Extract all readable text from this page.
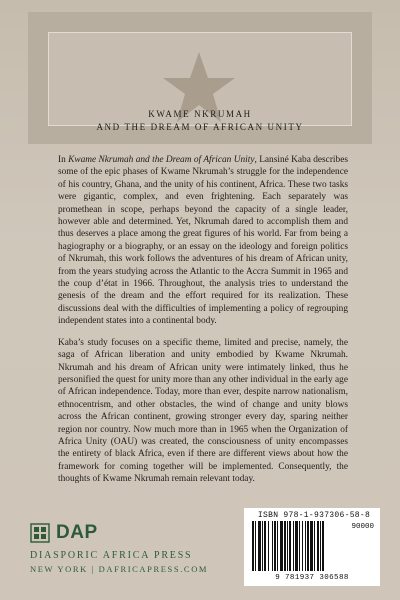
KWAME NKRUMAH
AND THE DREAM OF AFRICAN UNITY

In Kwame Nkrumah and the Dream of African Unity, Lansiné Kaba describes some of the epic phases of Kwame Nkrumah’s struggle for the independence of his country, Ghana, and the unity of his continent, Africa. These two tasks were gigantic, complex, and even frightening. Each separately was promethean in scope, perhaps beyond the capacity of a single leader, however able and determined. Yet, Nkrumah dared to accomplish them and thus deserves a place among the great figures of his world. Far from being a hagiography or a biography, or an essay on the ideology and foreign politics of Nkrumah, this work follows the adventures of his dream of African unity, from the years studying across the Atlantic to the Accra Summit in 1965 and the coup d’état in 1966. Throughout, the analysis tries to understand the genesis of the dream and the effort required for its realization. These discussions deal with the difficulties of implementing a policy of regrouping independent states into a continental body.

Kaba’s study focuses on a specific theme, limited and precise, namely, the saga of African liberation and unity embodied by Kwame Nkrumah. Nkrumah and his dream of African unity were intimately linked, thus he personified the quest for unity more than any other individual in the early age of African independence. Today, more than ever, despite narrow nationalism, ethnocentrism, and other obstacles, the wind of change and unity blows across the African continent, growing stronger every day, sparing neither region nor country. Now much more than in 1965 when the Organization of Africa Unity (OAU) was created, the consciousness of unity encompasses the entirety of black Africa, even if there are different views about how the framework for coming together will be implemented. Consequently, the thoughts of Kwame Nkrumah remain relevant today.

DAP
DIASPORIC AFRICA PRESS
NEW YORK | DAFRICAPRESS.COM
ISBN 978-1-937306-58-8
90000
9 781937 306588
